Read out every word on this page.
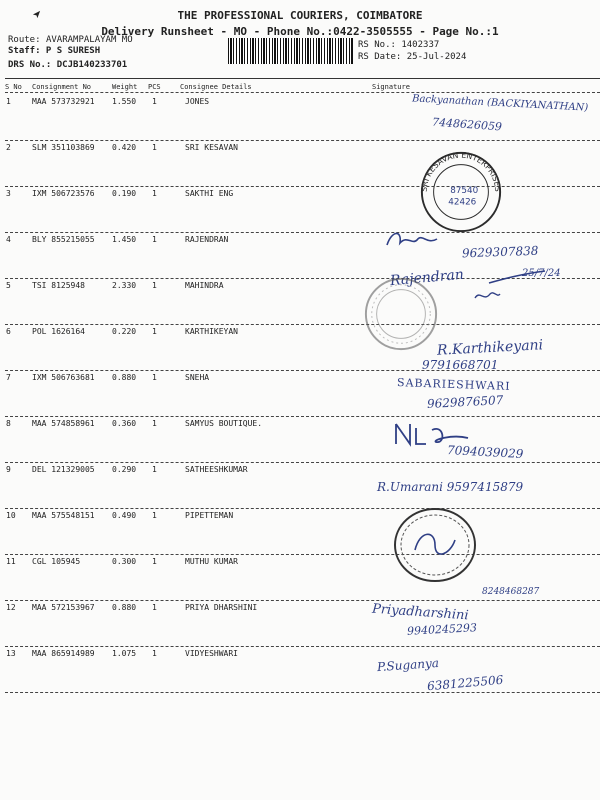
THE PROFESSIONAL COURIERS, COIMBATORE
Delivery Runsheet - MO - Phone No.:0422-3505555 - Page No.:1
Route: AVARAMPALAYAM MO
Staff: P S SURESH
DRS No.: DCJB140233701
RS No.: 1402337
RS Date: 25-Jul-2024
S No Consignment No	Weight PCS	Consignee Details	Signature
1	MAA 573732921 1.550 1	JONES
2	SLM 351103869 0.420 1	SRI KESAVAN
3	IXM 506723576 0.190 1	SAKTHI ENG
4	BLY 855215055 1.450 1	RAJENDRAN
5	TSI 8125948	2.330 1	MAHINDRA
6	POL 1626164	0.220 1	KARTHIKEYAN
7	IXM 506763681 0.880 1	SNEHA
8	MAA 574858961 0.360 1	SAMYUS BOUTIQUE.
9	DEL 121329005 0.290 1	SATHEESHKUMAR
10 MAA 575548151 0.490 1	PIPETTEMAN
11 CGL 105945	0.300 1	MUTHU KUMAR
12 MAA 572153967 0.880 1	PRIYA DHARSHINI
13 MAA 865914989 1.075 1	VIDYESHWARI
Backyanathan (BACKIYANATHAN)
7448626059
SRI KESAVAN ENTERPRISES
87540
42426
9629307838
Rajendran	25/7/24
R.Karthikeyani
9791668701
SABARIESHWARI
9629876507
7094039029
R.Umarani 9597415879
8248468287
Priyadharshini
9940245293
P.Suganya
6381225506
